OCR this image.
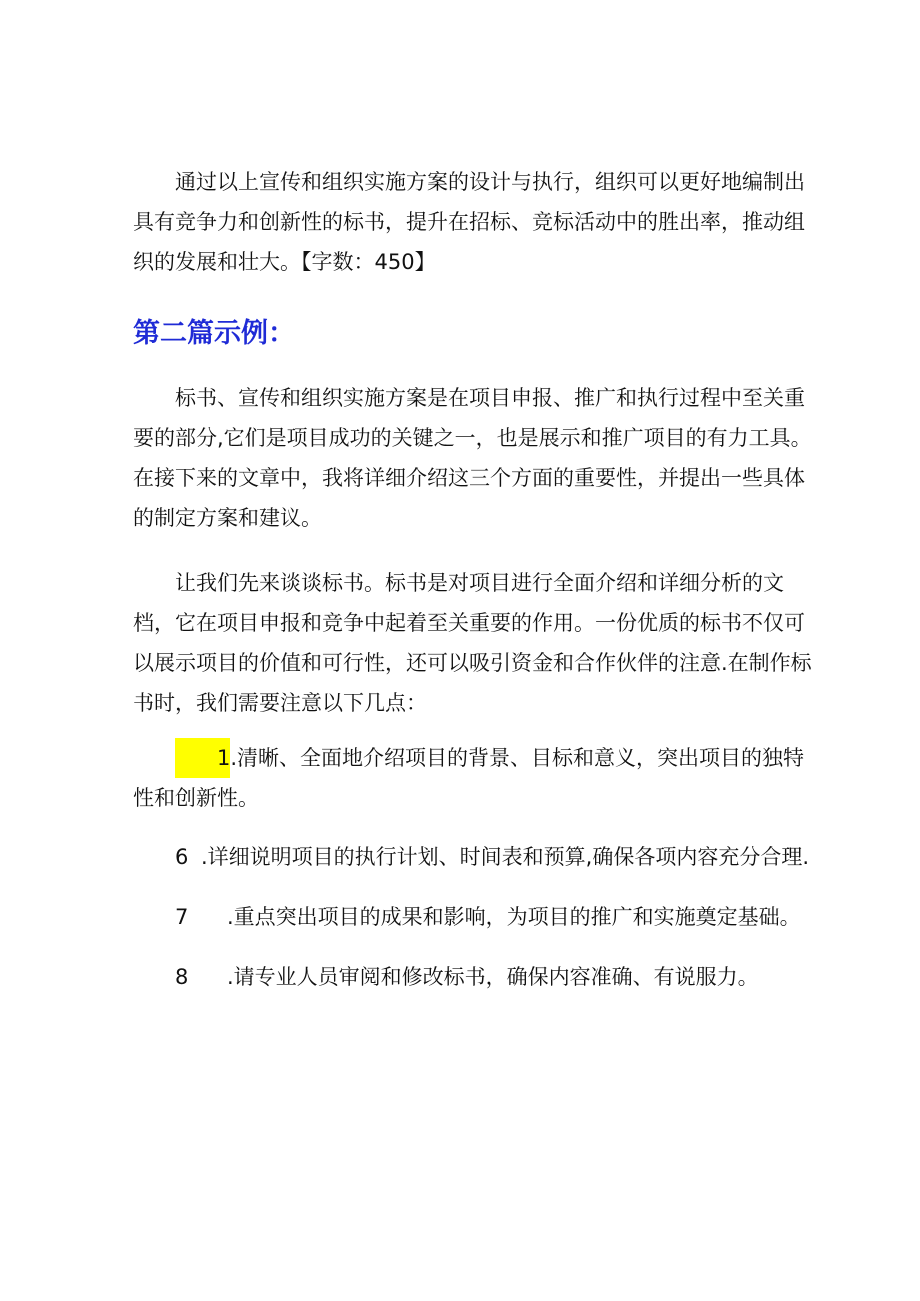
通过以上宣传和组织实施方案的设计与执行，组织可以更好地编制出具有竞争力和创新性的标书，提升在招标、竞标活动中的胜出率，推动组织的发展和壮大。【字数：450】

第二篇示例：

标书、宣传和组织实施方案是在项目申报、推广和执行过程中至关重要的部分,它们是项目成功的关键之一，也是展示和推广项目的有力工具。在接下来的文章中，我将详细介绍这三个方面的重要性，并提出一些具体的制定方案和建议。

让我们先来谈谈标书。标书是对项目进行全面介绍和详细分析的文档，它在项目申报和竞争中起着至关重要的作用。一份优质的标书不仅可以展示项目的价值和可行性，还可以吸引资金和合作伙伴的注意.在制作标书时，我们需要注意以下几点：

1.清晰、全面地介绍项目的背景、目标和意义，突出项目的独特性和创新性。

6 .详细说明项目的执行计划、时间表和预算,确保各项内容充分合理.

7	.重点突出项目的成果和影响，为项目的推广和实施奠定基础。

8	.请专业人员审阅和修改标书，确保内容准确、有说服力。
